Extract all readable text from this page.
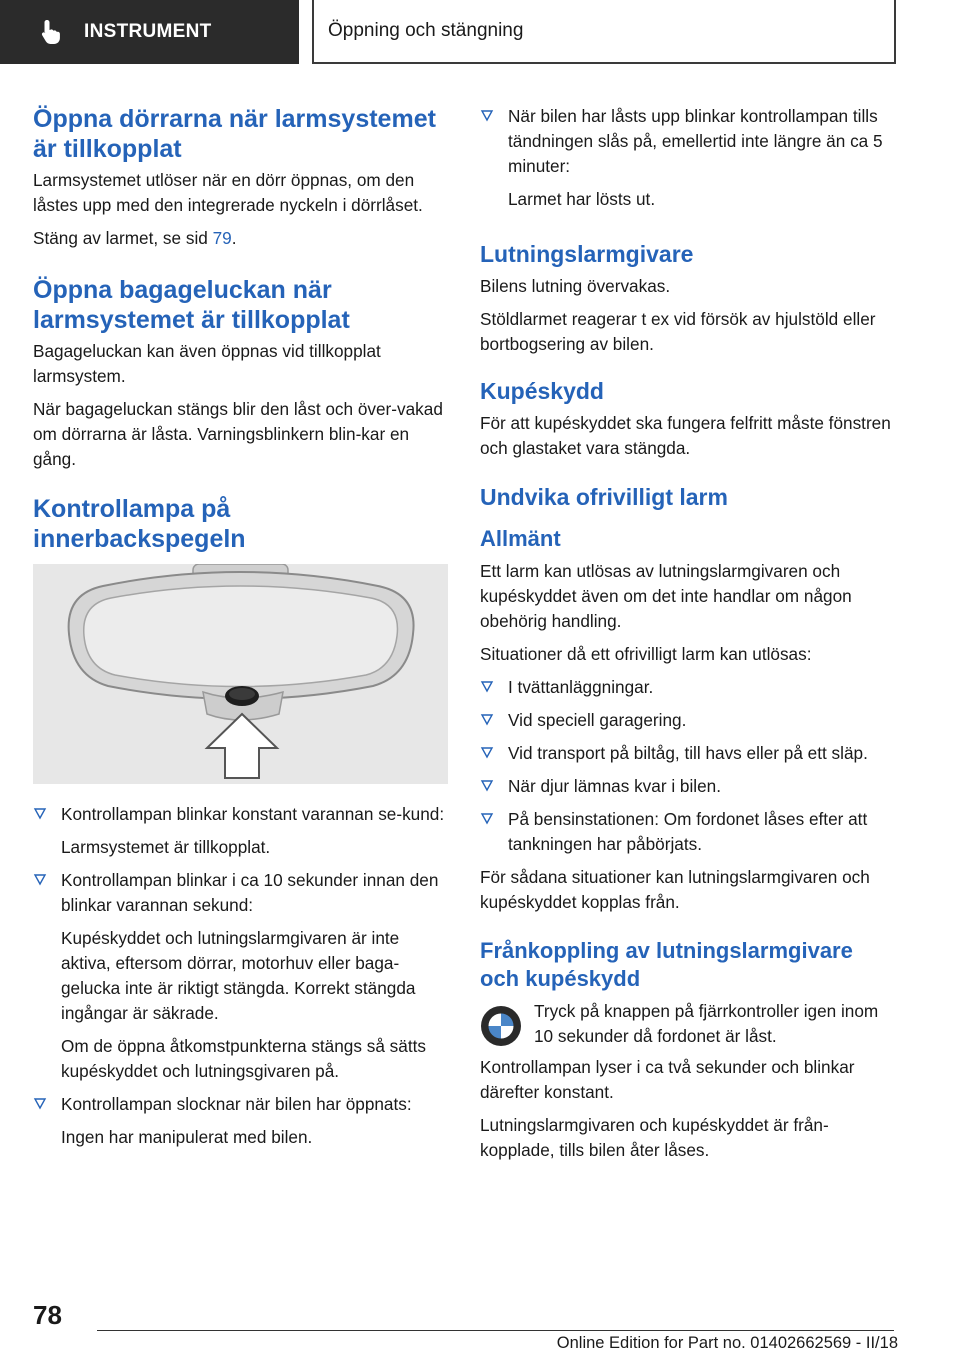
INSTRUMENT	Öppning och stängning
Öppna dörrarna när larmsystemet är tillkopplat

Larmsystemet utlöser när en dörr öppnas, om den låstes upp med den integrerade nyckeln i dörrlåset.

Stäng av larmet, se sid 79.

Öppna bagageluckan när larmsystemet är tillkopplat

Bagageluckan kan även öppnas vid tillkopplat larmsystem.

När bagageluckan stängs blir den låst och över-vakad om dörrarna är låsta. Varningsblinkern blin-kar en gång.

Kontrollampa på innerbackspegeln

Kontrollampan blinkar konstant varannan se-kund:

Larmsystemet är tillkopplat.

Kontrollampan blinkar i ca 10 sekunder innan den blinkar varannan sekund:

Kupéskyddet och lutningslarmgivaren är inte aktiva, eftersom dörrar, motorhuv eller baga-gelucka inte är riktigt stängda. Korrekt stängda ingångar är säkrade.

Om de öppna åtkomstpunkterna stängs så sätts kupéskyddet och lutningsgivaren på.

Kontrollampan slocknar när bilen har öppnats:

Ingen har manipulerat med bilen.

När bilen har låsts upp blinkar kontrollampan tills tändningen slås på, emellertid inte längre än ca 5 minuter:

Larmet har lösts ut.

Lutningslarmgivare

Bilens lutning övervakas.

Stöldlarmet reagerar t ex vid försök av hjulstöld eller bortbogsering av bilen.

Kupéskydd

För att kupéskyddet ska fungera felfritt måste fönstren och glastaket vara stängda.

Undvika ofrivilligt larm
Allmänt

Ett larm kan utlösas av lutningslarmgivaren och kupéskyddet även om det inte handlar om någon obehörig handling.

Situationer då ett ofrivilligt larm kan utlösas:

I tvättanläggningar.

Vid speciell garagering.

Vid transport på biltåg, till havs eller på ett släp.

När djur lämnas kvar i bilen.

På bensinstationen: Om fordonet låses efter att tankningen har påbörjats.

För sådana situationer kan lutningslarmgivaren och kupéskyddet kopplas från.

Frånkoppling av lutningslarmgivare och kupéskydd

Tryck på knappen på fjärrkontroller igen inom 10 sekunder då fordonet är låst.

Kontrollampan lyser i ca två sekunder och blinkar därefter konstant.

Lutningslarmgivaren och kupéskyddet är från-kopplade, tills bilen åter låses.

78
Online Edition for Part no. 01402662569 - II/18
